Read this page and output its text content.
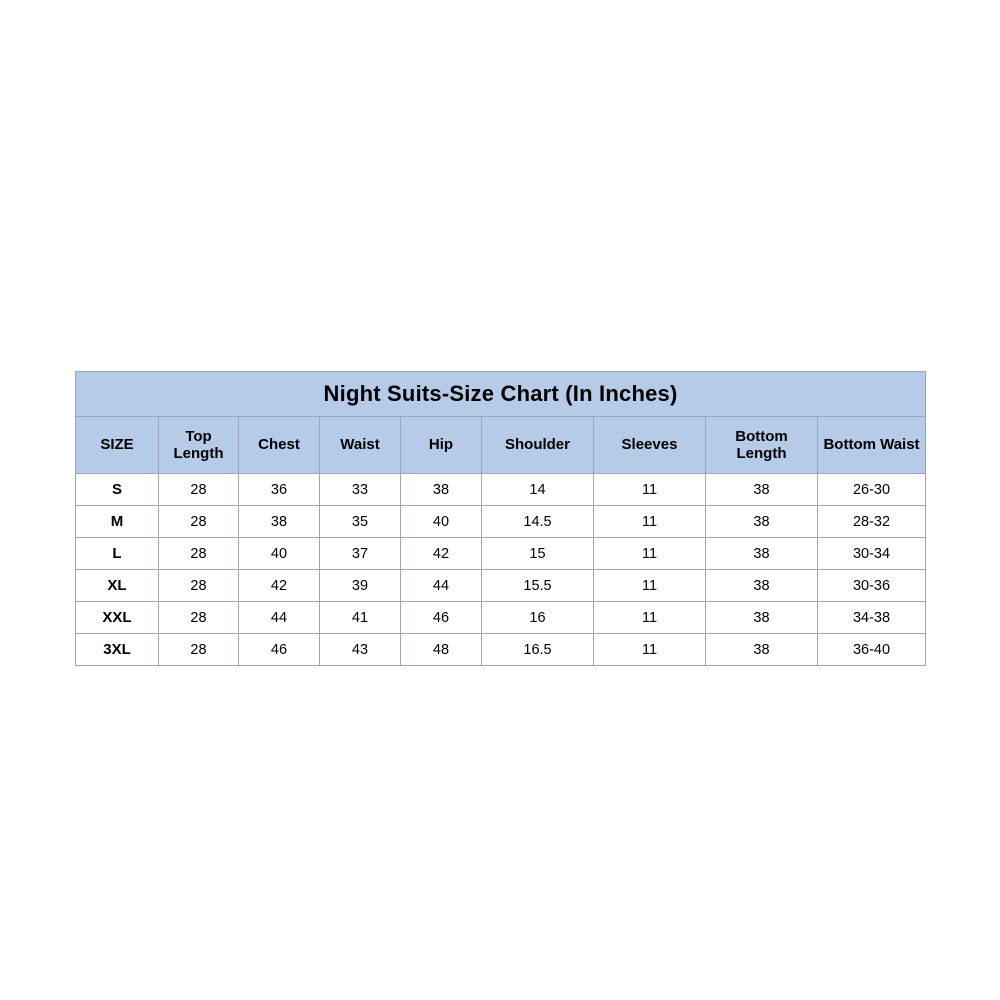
Night Suits-Size Chart (In Inches)								
SIZE	Top Length	Chest	Waist	Hip	Shoulder	Sleeves	Bottom Length	Bottom Waist
S	28	36	33	38	14	11	38	26-30
M	28	38	35	40	14.5	11	38	28-32
L	28	40	37	42	15	11	38	30-34
XL	28	42	39	44	15.5	11	38	30-36
XXL	28	44	41	46	16	11	38	34-38
3XL	28	46	43	48	16.5	11	38	36-40
